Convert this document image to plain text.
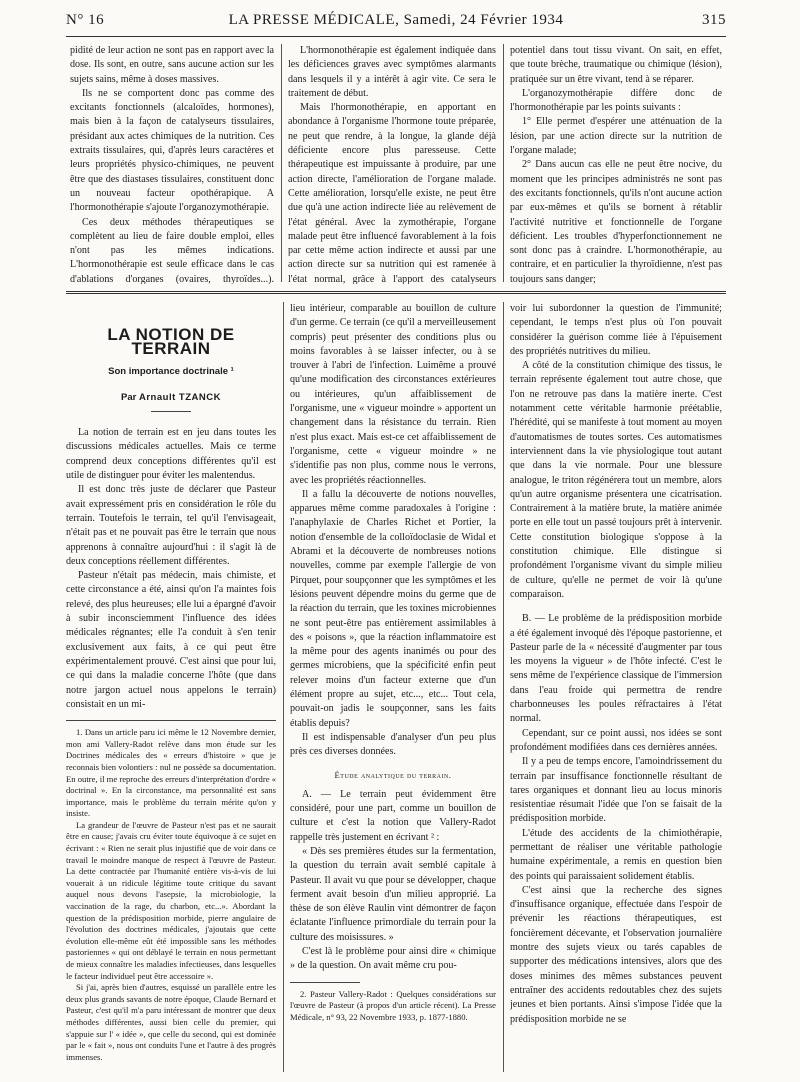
N° 16	LA PRESSE MÉDICALE, Samedi, 24 Février 1934	315

pidité de leur action ne sont pas en rapport avec la dose. Ils sont, en outre, sans aucune action sur les sujets sains, même à doses massives.

Ils ne se comportent donc pas comme des excitants fonctionnels (alcaloïdes, hormones), mais bien à la façon de catalyseurs tissulaires, présidant aux actes chimiques de la nutrition. Ces extraits tissulaires, qui, d'après leurs caractères et leurs propriétés physico-chimiques, ne peuvent être que des diastases tissulaires, constituent donc un nouveau facteur opothérapique. A l'hormonothérapie s'ajoute l'organozymothérapie.

Ces deux méthodes thérapeutiques se complètent au lieu de faire double emploi, elles n'ont pas les mêmes indications. L'hormonothérapie est seule efficace dans le cas d'ablations d'organes (ovaires, thyroïdes...).

L'hormonothérapie est également indiquée dans les déficiences graves avec symptômes alarmants dans lesquels il y a intérêt à agir vite. Ce sera le traitement de début.

Mais l'hormonothérapie, en apportant en abondance à l'organisme l'hormone toute préparée, ne peut que rendre, à la longue, la glande déjà déficiente encore plus paresseuse. Cette thérapeutique est impuissante à produire, par une action directe, l'amélioration de l'organe malade. Cette amélioration, lorsqu'elle existe, ne peut être due qu'à une action indirecte liée au relèvement de l'état général. Avec la zymothérapie, l'organe malade peut être influencé favorablement à la fois par cette même action indirecte et aussi par une action directe sur sa nutrition qui est ramenée à l'état normal, grâce à l'apport des catalyseurs

potentiel dans tout tissu vivant. On sait, en effet, que toute brèche, traumatique ou chimique (lésion), pratiquée sur un être vivant, tend à se réparer.

L'organozymothérapie diffère donc de l'hormonothérapie par les points suivants :

1° Elle permet d'espérer une atténuation de la lésion, par une action directe sur la nutrition de l'organe malade;

2° Dans aucun cas elle ne peut être nocive, du moment que les principes administrés ne sont pas des excitants fonctionnels, qu'ils n'ont aucune action par eux-mêmes et qu'ils se bornent à rétablir l'activité nutritive et fonctionnelle de l'organe déficient. Les troubles d'hyperfonctionnement ne sont donc pas à craindre. L'hormonothérapie, au contraire, et en particulier la thyroïdienne, n'est pas toujours sans danger;

LA NOTION DE TERRAIN
Son importance doctrinale ¹
Par Arnault TZANCK

La notion de terrain est en jeu dans toutes les discussions médicales actuelles. Mais ce terme comprend deux conceptions différentes qu'il est utile de distinguer pour éviter les malentendus.

Il est donc très juste de déclarer que Pasteur avait expressément pris en considération le rôle du terrain. Toutefois le terrain, tel qu'il l'envisageait, n'était pas et ne pouvait pas être le terrain que nous apprenons à connaître aujourd'hui : il s'agit là de deux conceptions réellement différentes.

Pasteur n'était pas médecin, mais chimiste, et cette circonstance a été, ainsi qu'on l'a maintes fois relevé, des plus heureuses; elle lui a épargné d'avoir à subir inconsciemment l'influence des idées médicales régnantes; elle l'a conduit à s'en tenir exclusivement aux faits, à ce qui peut être expérimentalement prouvé. C'est ainsi que pour lui, ce qui dans la maladie concerne l'hôte (que dans notre jargon actuel nous appelons le terrain) consistait en un mi-

1. Dans un article paru ici même le 12 Novembre dernier, mon ami Vallery-Radot relève dans mon étude sur les Doctrines médicales des « erreurs d'histoire » que je reconnais bien volontiers : nul ne possède sa documentation. En outre, il me reproche des erreurs d'interprétation d'ordre « doctrinal ». En la circonstance, ma personnalité est sans importance, mais le problème du terrain mérite qu'on y insiste.

La grandeur de l'œuvre de Pasteur n'est pas et ne saurait être en cause; j'avais cru éviter toute équivoque à ce sujet en écrivant : « Rien ne serait plus injustifié que de voir dans ce travail le moindre manque de respect à l'œuvre de Pasteur. La dette contractée par l'humanité entière vis-à-vis de lui vouerait à un ridicule légitime toute critique du savant auquel nous devons l'asepsie, la microbiologie, la vaccination de la rage, du charbon, etc...». Abordant la question de la prédisposition morbide, pierre angulaire de l'évolution des doctrines médicales, j'ajoutais que cette évolution elle-même eût été impossible sans les méthodes pastoriennes « qui ont déblayé le terrain en nous permettant de mieux connaître les maladies infectieuses, dans lesquelles le facteur individuel peut être accessoire ».

Si j'ai, après bien d'autres, esquissé un parallèle entre les deux plus grands savants de notre époque, Claude Bernard et Pasteur, c'est qu'il m'a paru intéressant de montrer que deux méthodes différentes, aussi bien celle du premier, qui s'appuie sur l' « idée », que celle du second, qui est dominée par le « fait », nous ont conduits l'une et l'autre à des progrès immenses.

lieu intérieur, comparable au bouillon de culture d'un germe. Ce terrain (ce qu'il a merveilleusement compris) peut présenter des conditions plus ou moins favorables à se laisser infecter, ou à se trouver à l'abri de l'infection. Luimême a prouvé qu'une modification des circonstances extérieures ou intérieures, qu'un affaiblissement de l'organisme, une « vigueur moindre » apportent un changement dans la résistance du terrain. Rien n'est plus exact. Mais est-ce cet affaiblissement de l'organisme, cette « vigueur moindre » ne s'identifie pas non plus, comme nous le verrons, avec les propriétés réactionnelles.

Il a fallu la découverte de notions nouvelles, apparues même comme paradoxales à l'origine : l'anaphylaxie de Charles Richet et Portier, la notion d'ensemble de la colloïdoclasie de Widal et Abrami et la découverte de nombreuses notions nouvelles, comme par exemple l'allergie de von Pirquet, pour soupçonner que les symptômes et les lésions peuvent dépendre moins du germe que de la réaction du terrain, que les toxines microbiennes ne sont peut-être pas entièrement assimilables à des « poisons », que la réaction inflammatoire est la même pour des agents inanimés ou pour des germes microbiens, que la spécificité enfin peut relever moins d'un facteur externe que d'un élément propre au sujet, etc..., etc... Tout cela, pouvait-on jadis le soupçonner, sans les faits établis depuis?

Il est indispensable d'analyser d'un peu plus près ces diverses données.

Étude analytique du terrain.

A. — Le terrain peut évidemment être considéré, pour une part, comme un bouillon de culture et c'est la notion que Vallery-Radot rappelle très justement en écrivant ² :

« Dès ses premières études sur la fermentation, la question du terrain avait semblé capitale à Pasteur. Il avait vu que pour se développer, chaque ferment avait besoin d'un milieu approprié. La thèse de son élève Raulin vint démontrer de façon éclatante l'influence primordiale du terrain pour la culture des moisissures. »

C'est là le problème pour ainsi dire « chimique » de la question. On avait même cru pou-

2. Pasteur Vallery-Radot : Quelques considérations sur l'œuvre de Pasteur (à propos d'un article récent). La Presse Médicale, n° 93, 22 Novembre 1933, p. 1877-1880.

voir lui subordonner la question de l'immunité; cependant, le temps n'est plus où l'on pouvait considérer la guérison comme liée à l'épuisement des propriétés nutritives du milieu.

A côté de la constitution chimique des tissus, le terrain représente également tout autre chose, que l'on ne retrouve pas dans la matière inerte. C'est notamment cette véritable harmonie préétablie, l'hérédité, qui se manifeste à tout moment au moyen d'automatismes de toutes sortes. Ces automatismes interviennent dans la vie physiologique tout autant que dans la vie normale. Pour une blessure analogue, le triton régénérera tout un membre, alors qu'un autre organisme présentera une cicatrisation. Contrairement à la matière brute, la matière animée porte en elle tout un passé toujours prêt à intervenir. Cette constitution biologique s'oppose à la constitution chimique. Elle distingue si profondément l'organisme vivant du simple milieu de culture, qu'elle ne permet de voir là qu'une comparaison.

B. — Le problème de la prédisposition morbide a été également invoqué dès l'époque pastorienne, et Pasteur parle de la « nécessité d'augmenter par tous les moyens la vigueur » de l'hôte infecté. C'est le sens même de l'expérience classique de l'immersion dans l'eau froide qui permettra de rendre charbonneuses les poules réfractaires à l'état normal.

Cependant, sur ce point aussi, nos idées se sont profondément modifiées dans ces dernières années.

Il y a peu de temps encore, l'amoindrissement du terrain par insuffisance fonctionnelle résultant de tares organiques et donnant lieu au locus minoris resistentiae résumait l'idée que l'on se faisait de la prédisposition morbide.

L'étude des accidents de la chimiothérapie, permettant de réaliser une véritable pathologie humaine expérimentale, a remis en question bien des points qui paraissaient solidement établis.

C'est ainsi que la recherche des signes d'insuffisance organique, effectuée dans l'espoir de prévenir les réactions thérapeutiques, est foncièrement décevante, et l'observation journalière montre des sujets vieux ou tarés capables de supporter des médications intensives, alors que des doses minimes des mêmes substances peuvent entraîner des accidents redoutables chez des sujets jeunes et bien portants. Ainsi s'impose l'idée que la prédisposition morbide ne se
